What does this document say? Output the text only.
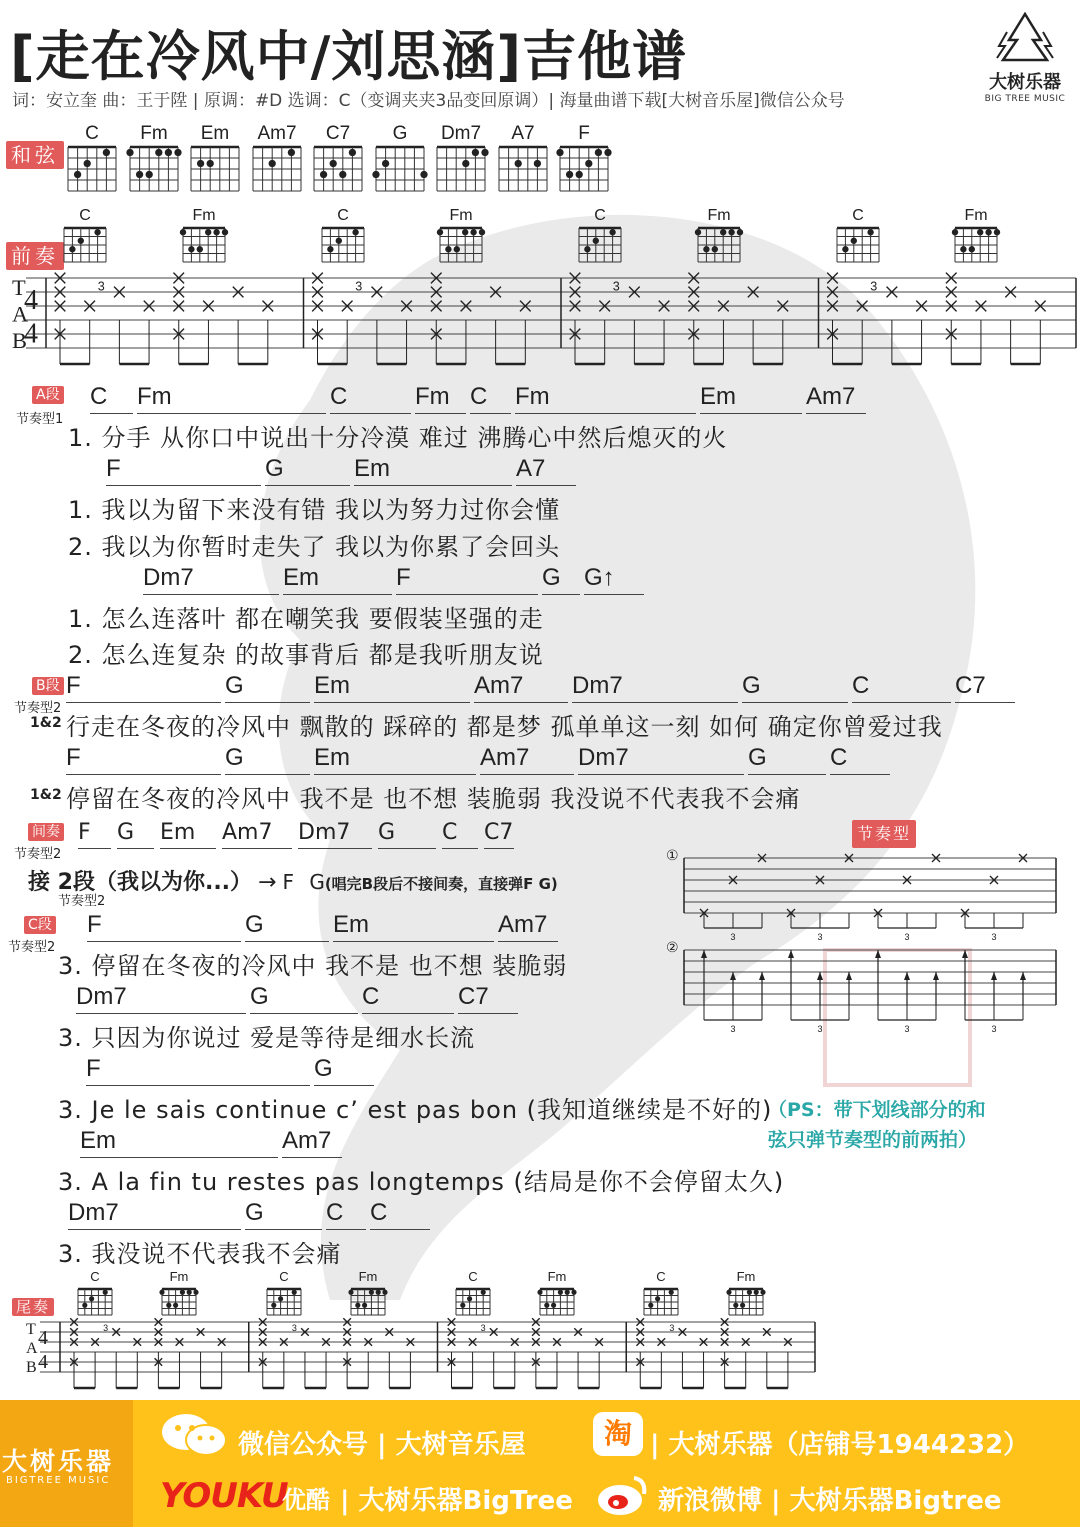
[走在冷风中/刘思涵]吉他谱
词：安立奎 曲：王于陞 | 原调：#D 选调：C（变调夹夹3品变回原调）| 海量曲谱下载[大树音乐屋]微信公众号
大树乐器
BIG TREE MUSIC
和弦
前奏
A段
节奏型1
B段
节奏型2
间奏
节奏型2
节奏型2
C段
节奏型2
节奏型
尾奏
C Fm Em Am7 C7 G Dm7 A7 F
T
A
B
4
4
3	3	3	3
C	Fm	C	Fm	C	Fm	C	Fm
C Fm	C	Fm C Fm	Em	Am7
1. 分手 从你口中说出十分冷漠 难过 沸腾心中然后熄灭的火
F	G	Em	A7
1. 我以为留下来没有错 我以为努力过你会懂
2. 我以为你暂时走失了 我以为你累了会回头
Dm7	Em	F	G G↑
1. 怎么连落叶 都在嘲笑我 要假装坚强的走
2. 怎么连复杂 的故事背后 都是我听朋友说
F	G	Em	Am7 Dm7	G	C	C7
1&2 行走在冬夜的冷风中 飘散的 踩碎的 都是梦 孤单单这一刻 如何 确定你曾爱过我
F	G	Em	Am7 Dm7	G	C
1&2 停留在冬夜的冷风中 我不是 也不想 装脆弱 我没说不代表我不会痛
F	G	Em	Am7
3. 停留在冬夜的冷风中 我不是 也不想 装脆弱
Dm7	G	C	C7
3. 只因为你说过 爱是等待是细水长流
F	G
3. Je le sais continue c’ est pas bon (我知道继续是不好的)
Em	Am7
3. A la fin tu restes pas longtemps (结局是你不会停留太久)
Dm7	G	C C
3. 我没说不代表我不会痛
F G Em Am7 Dm7 G C C7
接 2段（我以为你...） → F G(唱完B段后不接间奏，直接弹F G)
①
②
3	3	3	3
3	3	3	3
（PS：带下划线部分的和
弦只弹节奏型的前两拍）
T
A
B
4
4
3	3	3	3
C	Fm	C	Fm	C	Fm	C	Fm
大树乐器
BIGTREE MUSIC
微信公众号 | 大树音乐屋	淘 | 大树乐器（店铺号1944232）
YOUKU
优酷 | 大树乐器BigTree	新浪微博 | 大树乐器Bigtree
